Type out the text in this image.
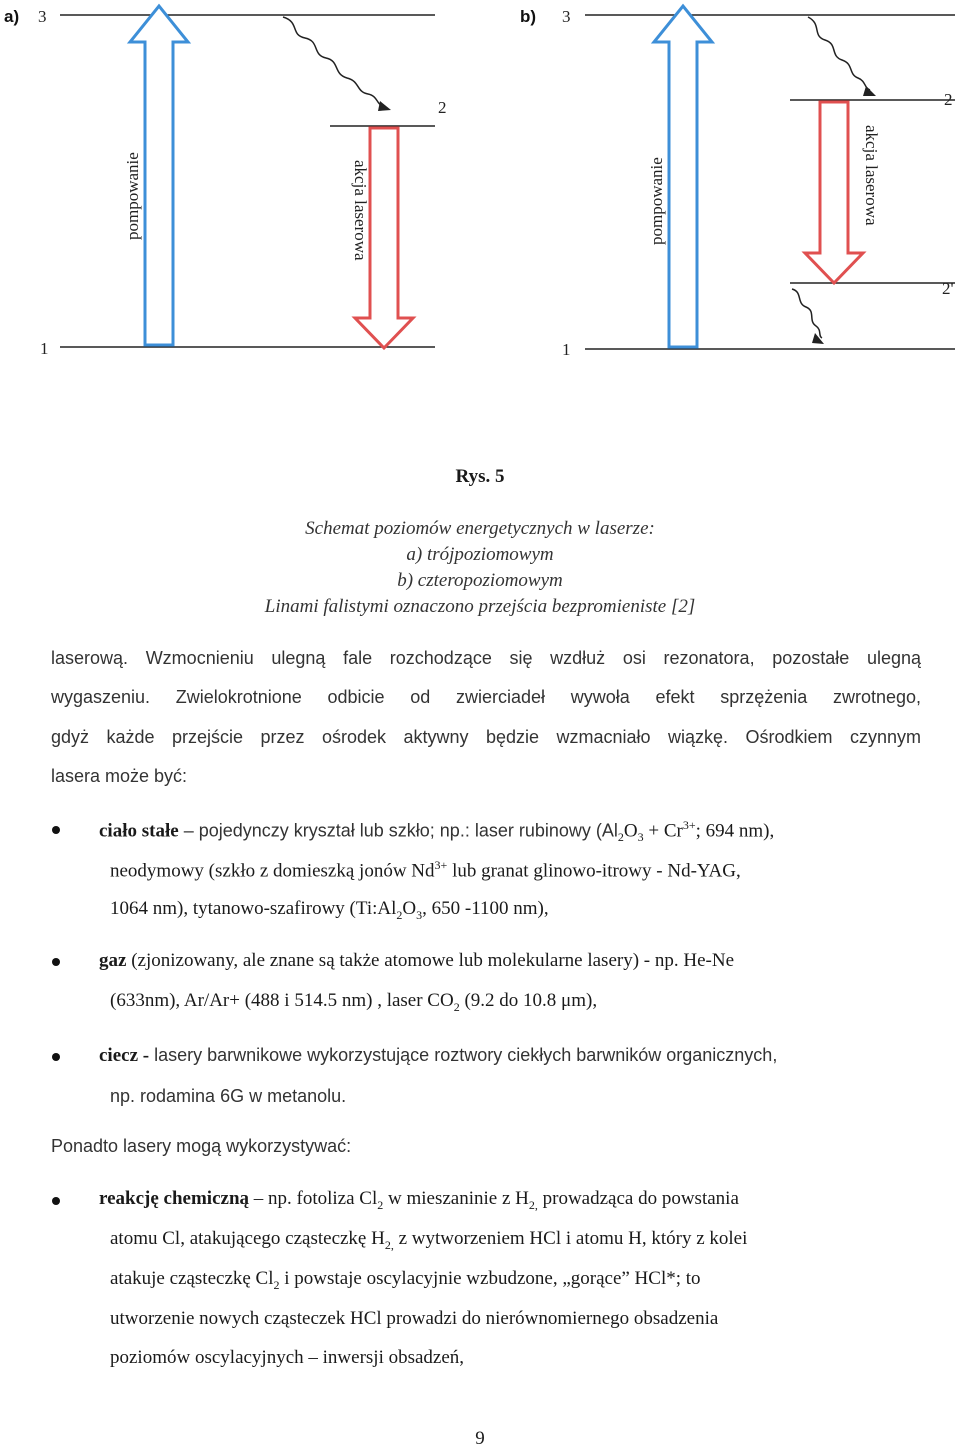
a) 3
2
1
pompowanie	akcja laserowa
b) 3
2
2'
1
pompowanie	akcja laserowa
Rys. 5
Schemat poziomów energetycznych w laserze:
a) trójpoziomowym
b) czteropoziomowym
Linami falistymi oznaczono przejścia bezpromieniste [2]
laserową. Wzmocnieniu ulegną fale rozchodzące się wzdłuż osi rezonatora, pozostałe ulegną
wygaszeniu. Zwielokrotnione odbicie od zwierciadeł wywoła efekt sprzężenia zwrotnego,
gdyż każde przejście przez ośrodek aktywny będzie wzmacniało wiązkę. Ośrodkiem czynnym
lasera może być:
ciało stałe – pojedynczy kryształ lub szkło; np.: laser rubinowy ($Al_2O_3 + Cr^{3+}$; 694 nm),
neodymowy (szkło z domieszką jonów $Nd^{3+}$ lub granat glinowo-itrowy - Nd-YAG,
1064 nm), tytanowo-szafirowy ($Ti:Al_2O_3$, 650 -1100 nm),
gaz (zjonizowany, ale znane są także atomowe lub molekularne lasery) - np. He-Ne
(633nm), Ar/Ar+ (488 i 514.5 nm) , laser $CO_2$ (9.2 do 10.8 μm),
ciecz - lasery barwnikowe wykorzystujące roztwory ciekłych barwników organicznych,
np. rodamina 6G w metanolu.
Ponadto lasery mogą wykorzystywać:
reakcję chemiczną – np. fotoliza $Cl_2$ w mieszaninie z $H_{2,}$ prowadząca do powstania
atomu Cl, atakującego cząsteczkę $H_{2,}$ z wytworzeniem HCl i atomu H, który z kolei
atakuje cząsteczkę $Cl_2$ i powstaje oscylacyjnie wzbudzone, „gorące” HCl*; to
utworzenie nowych cząsteczek HCl prowadzi do nierównomiernego obsadzenia
poziomów oscylacyjnych – inwersji obsadzeń,
9
